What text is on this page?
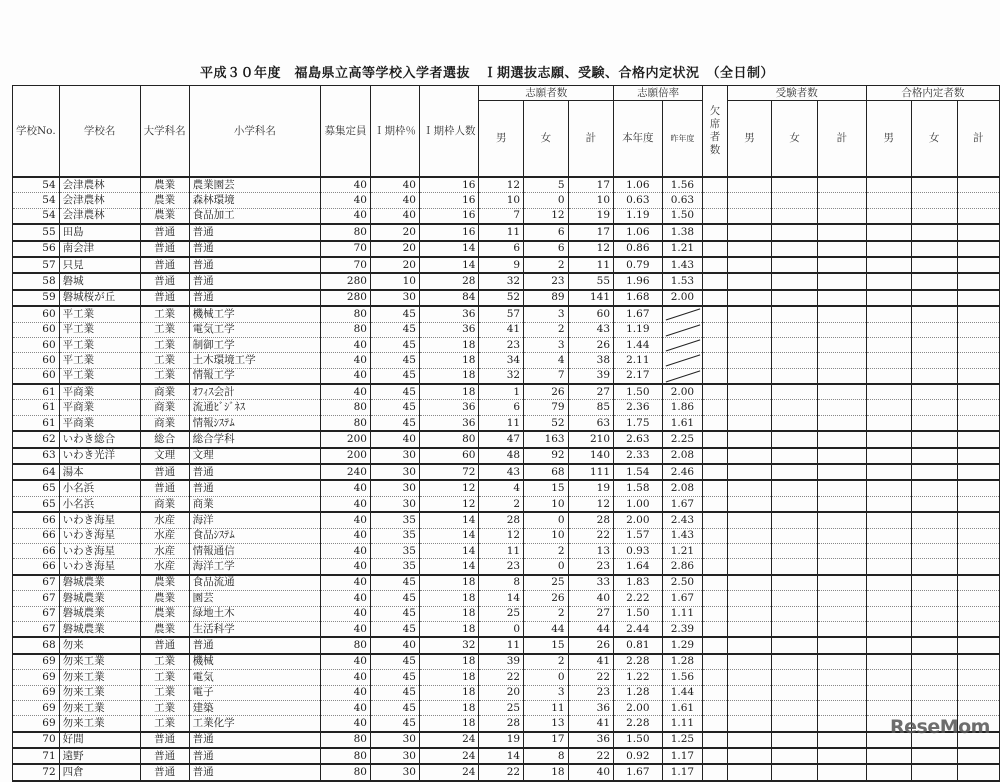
平成３０年度　福島県立高等学校入学者選抜　Ｉ期選抜志願、受験、合格内定状況　（全日制）
学校No.	学校名	大学科名	小学科名	募集定員	Ｉ期枠％	Ｉ期枠人数	志願者数			志願倍率		欠席者数	受験者数			合格内定者数		
							男	女	計	本年度	昨年度		男	女	計	男	女	計
54	会津農林	農業	農業園芸	40	40	16	12	5	17	1.06	1.56							
54	会津農林	農業	森林環境	40	40	16	10	0	10	0.63	0.63							
54	会津農林	農業	食品加工	40	40	16	7	12	19	1.19	1.50							
55	田島	普通	普通	80	20	16	11	6	17	1.06	1.38							
56	南会津	普通	普通	70	20	14	6	6	12	0.86	1.21							
57	只見	普通	普通	70	20	14	9	2	11	0.79	1.43							
58	磐城	普通	普通	280	10	28	32	23	55	1.96	1.53							
59	磐城桜が丘	普通	普通	280	30	84	52	89	141	1.68	2.00							
60	平工業	工業	機械工学	80	45	36	57	3	60	1.67								
60	平工業	工業	電気工学	80	45	36	41	2	43	1.19								
60	平工業	工業	制御工学	40	45	18	23	3	26	1.44								
60	平工業	工業	土木環境工学	40	45	18	34	4	38	2.11								
60	平工業	工業	情報工学	40	45	18	32	7	39	2.17								
61	平商業	商業	ｵﾌｨｽ会計	40	45	18	1	26	27	1.50	2.00							
61	平商業	商業	流通ﾋﾞｼﾞﾈｽ	80	45	36	6	79	85	2.36	1.86							
61	平商業	商業	情報ｼｽﾃﾑ	80	45	36	11	52	63	1.75	1.61							
62	いわき総合	総合	総合学科	200	40	80	47	163	210	2.63	2.25							
63	いわき光洋	文理	文理	200	30	60	48	92	140	2.33	2.08							
64	湯本	普通	普通	240	30	72	43	68	111	1.54	2.46							
65	小名浜	普通	普通	40	30	12	4	15	19	1.58	2.08							
65	小名浜	商業	商業	40	30	12	2	10	12	1.00	1.67							
66	いわき海星	水産	海洋	40	35	14	28	0	28	2.00	2.43							
66	いわき海星	水産	食品ｼｽﾃﾑ	40	35	14	12	10	22	1.57	1.43							
66	いわき海星	水産	情報通信	40	35	14	11	2	13	0.93	1.21							
66	いわき海星	水産	海洋工学	40	35	14	23	0	23	1.64	2.86							
67	磐城農業	農業	食品流通	40	45	18	8	25	33	1.83	2.50							
67	磐城農業	農業	園芸	40	45	18	14	26	40	2.22	1.67							
67	磐城農業	農業	緑地土木	40	45	18	25	2	27	1.50	1.11							
67	磐城農業	農業	生活科学	40	45	18	0	44	44	2.44	2.39							
68	勿来	普通	普通	80	40	32	11	15	26	0.81	1.29							
69	勿来工業	工業	機械	40	45	18	39	2	41	2.28	1.28							
69	勿来工業	工業	電気	40	45	18	22	0	22	1.22	1.56							
69	勿来工業	工業	電子	40	45	18	20	3	23	1.28	1.44							
69	勿来工業	工業	建築	40	45	18	25	11	36	2.00	1.61							
69	勿来工業	工業	工業化学	40	45	18	28	13	41	2.28	1.11							
70	好間	普通	普通	80	30	24	19	17	36	1.50	1.25							
71	遠野	普通	普通	80	30	24	14	8	22	0.92	1.17							
72	四倉	普通	普通	80	30	24	22	18	40	1.67	1.17							
ReseMom
